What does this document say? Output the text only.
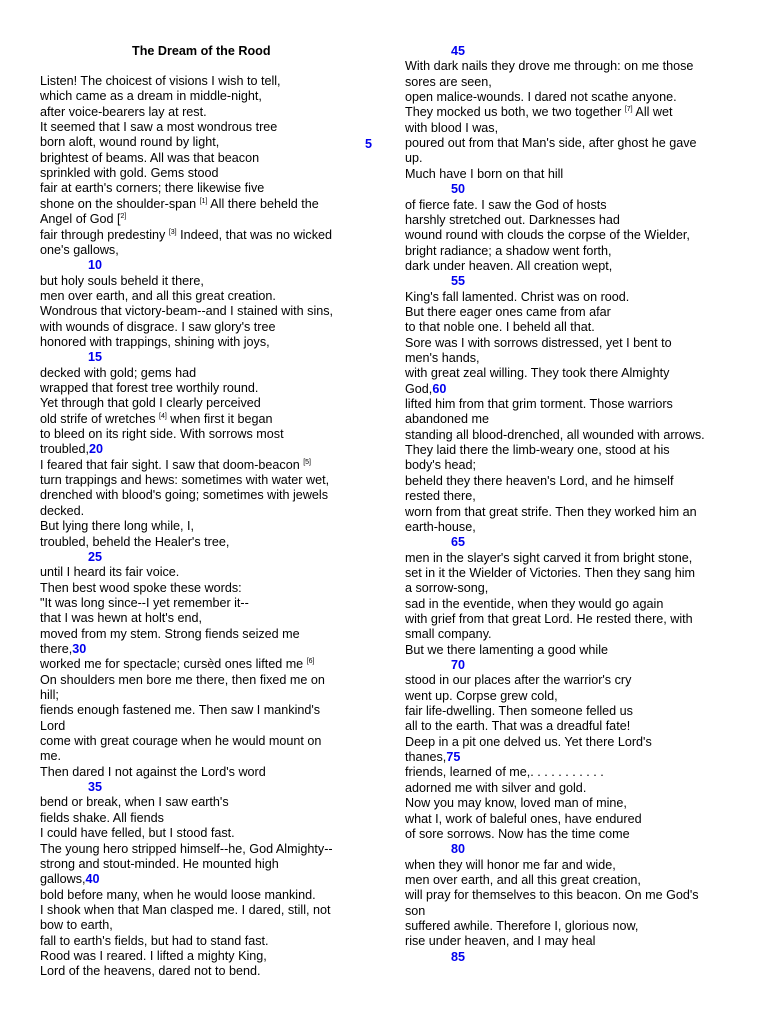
The Dream of the Rood
Listen! The choicest of visions I wish to tell,
which came as a dream in middle-night,
after voice-bearers lay at rest.
It seemed that I saw a most wondrous tree
born aloft, wound round by light,
brightest of beams. All was that beacon
sprinkled with gold. Gems stood
fair at earth's corners; there likewise five
shone on the shoulder-span [1] All there beheld the
Angel of God [$^{2]}$
fair through predestiny [3] Indeed, that was no wicked
one's gallows,
10
but holy souls beheld it there,
men over earth, and all this great creation.
Wondrous that victory-beam--and I stained with sins,
with wounds of disgrace. I saw glory's tree
honored with trappings, shining with joys,
15
decked with gold; gems had
wrapped that forest tree worthily round.
Yet through that gold I clearly perceived
old strife of wretches [4] when first it began
to bleed on its right side. With sorrows most
troubled,20
I feared that fair sight. I saw that doom-beacon [5]
turn trappings and hews: sometimes with water wet,
drenched with blood's going; sometimes with jewels
decked.
But lying there long while, I,
troubled, beheld the Healer's tree,
25
until I heard its fair voice.
Then best wood spoke these words:
"It was long since--I yet remember it--
that I was hewn at holt's end,
moved from my stem. Strong fiends seized me
there,30
worked me for spectacle; cursèd ones lifted me [6]
On shoulders men bore me there, then fixed me on
hill;
fiends enough fastened me. Then saw I mankind's
Lord
come with great courage when he would mount on
me.
Then dared I not against the Lord's word
35
bend or break, when I saw earth's
fields shake. All fiends
I could have felled, but I stood fast.
The young hero stripped himself--he, God Almighty--
strong and stout-minded. He mounted high
gallows,40
bold before many, when he would loose mankind.
I shook when that Man clasped me. I dared, still, not
bow to earth,
fall to earth's fields, but had to stand fast.
Rood was I reared. I lifted a mighty King,
Lord of the heavens, dared not to bend.
5
45
With dark nails they drove me through: on me those
sores are seen,
open malice-wounds. I dared not scathe anyone.
They mocked us both, we two together [7] All wet
with blood I was,
poured out from that Man's side, after ghost he gave
up.
Much have I born on that hill
50
of fierce fate. I saw the God of hosts
harshly stretched out. Darknesses had
wound round with clouds the corpse of the Wielder,
bright radiance; a shadow went forth,
dark under heaven. All creation wept,
55
King's fall lamented. Christ was on rood.
But there eager ones came from afar
to that noble one. I beheld all that.
Sore was I with sorrows distressed, yet I bent to
men's hands,
with great zeal willing. They took there Almighty
God,60
lifted him from that grim torment. Those warriors
abandoned me
standing all blood-drenched, all wounded with arrows.
They laid there the limb-weary one, stood at his
body's head;
beheld they there heaven's Lord, and he himself
rested there,
worn from that great strife. Then they worked him an
earth-house,
65
men in the slayer's sight carved it from bright stone,
set in it the Wielder of Victories. Then they sang him
a sorrow-song,
sad in the eventide, when they would go again
with grief from that great Lord. He rested there, with
small company.
But we there lamenting a good while
70
stood in our places after the warrior's cry
went up. Corpse grew cold,
fair life-dwelling. Then someone felled us
all to the earth. That was a dreadful fate!
Deep in a pit one delved us. Yet there Lord's
thanes,75
friends, learned of me,. . . . . . . . . . .
adorned me with silver and gold.
Now you may know, loved man of mine,
what I, work of baleful ones, have endured
of sore sorrows. Now has the time come
80
when they will honor me far and wide,
men over earth, and all this great creation,
will pray for themselves to this beacon. On me God's
son
suffered awhile. Therefore I, glorious now,
rise under heaven, and I may heal
85
